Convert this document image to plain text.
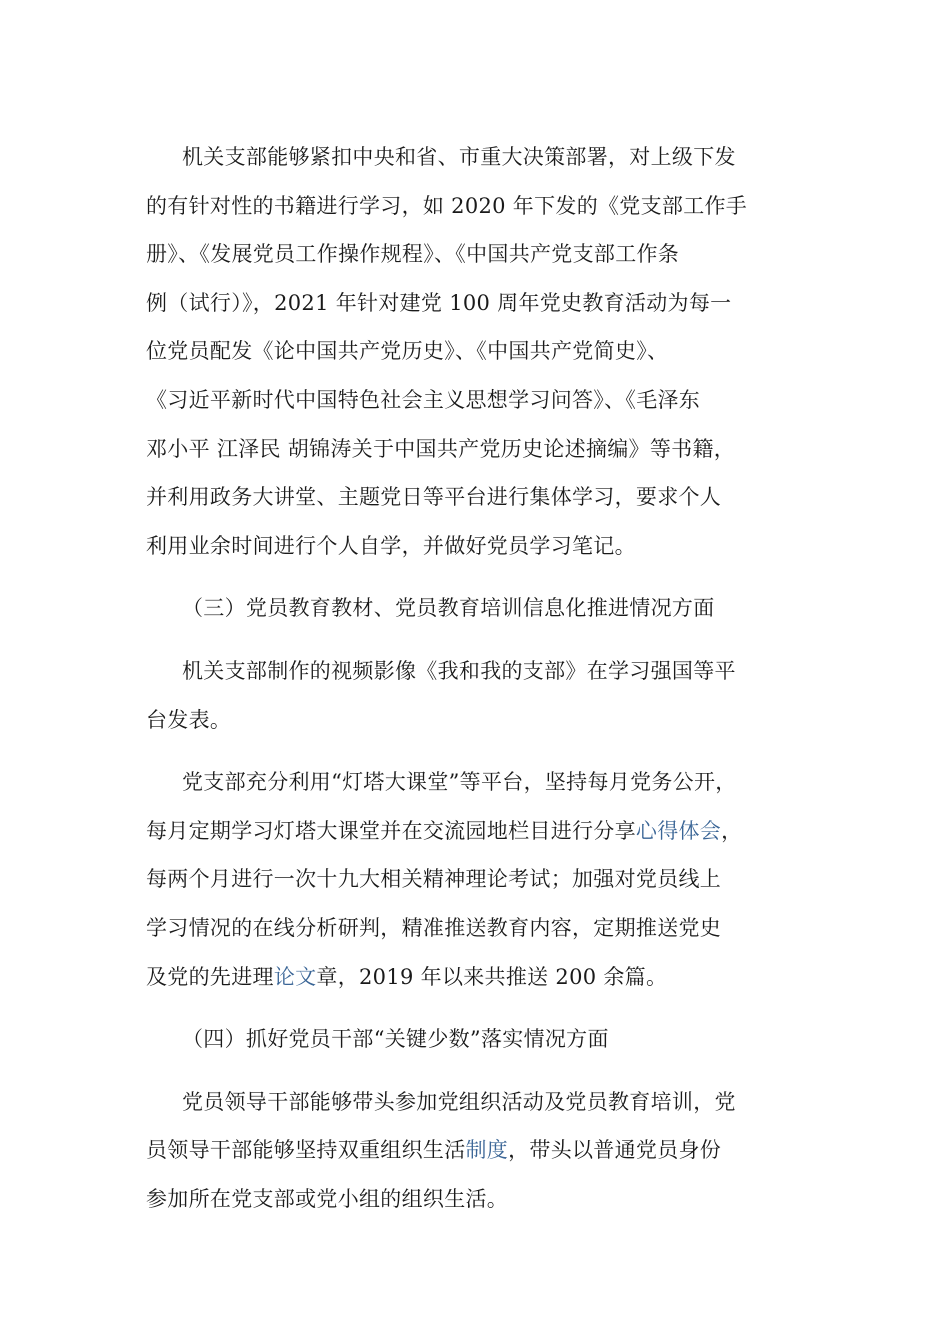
机关支部能够紧扣中央和省、市重大决策部署，对上级下发
的有针对性的书籍进行学习，如 2020 年下发的《党支部工作手
册》、《发展党员工作操作规程》、《中国共产党支部工作条
例（试行）》，2021 年针对建党 100 周年党史教育活动为每一
位党员配发《论中国共产党历史》、《中国共产党简史》、
《习近平新时代中国特色社会主义思想学习问答》、《毛泽东
邓小平 江泽民 胡锦涛关于中国共产党历史论述摘编》等书籍，
并利用政务大讲堂、主题党日等平台进行集体学习，要求个人
利用业余时间进行个人自学，并做好党员学习笔记。
（三）党员教育教材、党员教育培训信息化推进情况方面
机关支部制作的视频影像《我和我的支部》在学习强国等平
台发表。
党支部充分利用“灯塔大课堂”等平台，坚持每月党务公开，
每月定期学习灯塔大课堂并在交流园地栏目进行分享心得体会，
每两个月进行一次十九大相关精神理论考试；加强对党员线上
学习情况的在线分析研判，精准推送教育内容，定期推送党史
及党的先进理论文章，2019 年以来共推送 200 余篇。
（四）抓好党员干部“关键少数”落实情况方面
党员领导干部能够带头参加党组织活动及党员教育培训，党
员领导干部能够坚持双重组织生活制度，带头以普通党员身份
参加所在党支部或党小组的组织生活。
